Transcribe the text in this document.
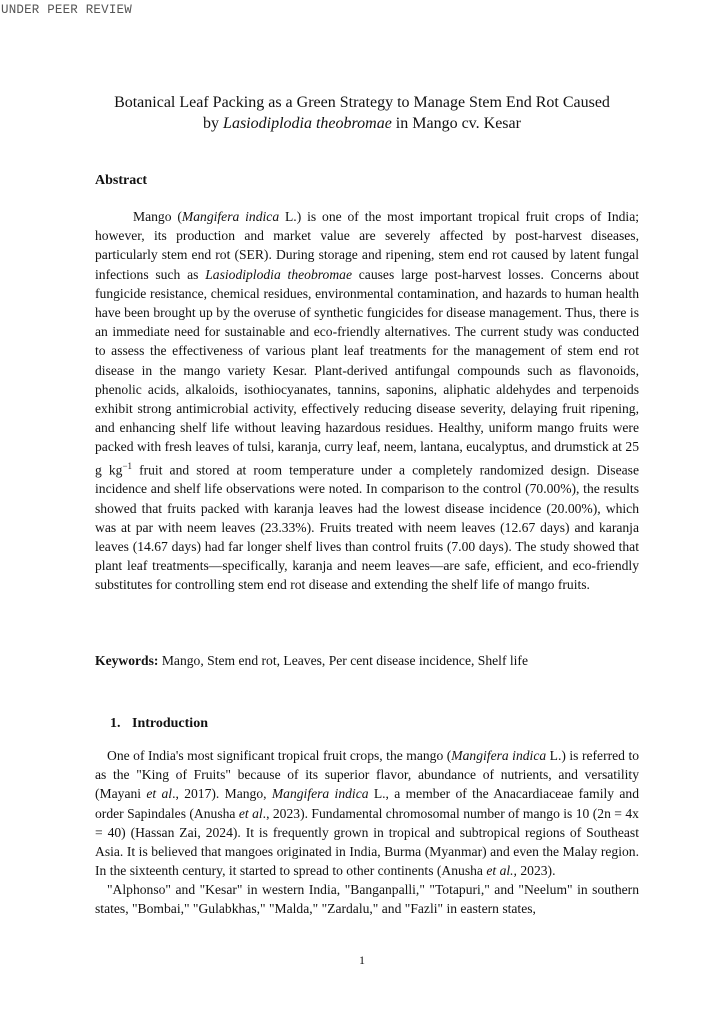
UNDER PEER REVIEW
Botanical Leaf Packing as a Green Strategy to Manage Stem End Rot Caused
by Lasiodiplodia theobromae in Mango cv. Kesar
Abstract
Mango (Mangifera indica L.) is one of the most important tropical fruit crops of India; however, its production and market value are severely affected by post-harvest diseases, particularly stem end rot (SER). During storage and ripening, stem end rot caused by latent fungal infections such as Lasiodiplodia theobromae causes large post-harvest losses. Concerns about fungicide resistance, chemical residues, environmental contamination, and hazards to human health have been brought up by the overuse of synthetic fungicides for disease management. Thus, there is an immediate need for sustainable and eco-friendly alternatives. The current study was conducted to assess the effectiveness of various plant leaf treatments for the management of stem end rot disease in the mango variety Kesar. Plant-derived antifungal compounds such as flavonoids, phenolic acids, alkaloids, isothiocyanates, tannins, saponins, aliphatic aldehydes and terpenoids exhibit strong antimicrobial activity, effectively reducing disease severity, delaying fruit ripening, and enhancing shelf life without leaving hazardous residues. Healthy, uniform mango fruits were packed with fresh leaves of tulsi, karanja, curry leaf, neem, lantana, eucalyptus, and drumstick at 25 g $kg^{-1}$ fruit and stored at room temperature under a completely randomized design. Disease incidence and shelf life observations were noted. In comparison to the control (70.00%), the results showed that fruits packed with karanja leaves had the lowest disease incidence (20.00%), which was at par with neem leaves (23.33%). Fruits treated with neem leaves (12.67 days) and karanja leaves (14.67 days) had far longer shelf lives than control fruits (7.00 days). The study showed that plant leaf treatments—specifically, karanja and neem leaves—are safe, efficient, and eco-friendly substitutes for controlling stem end rot disease and extending the shelf life of mango fruits.
Keywords: Mango, Stem end rot, Leaves, Per cent disease incidence, Shelf life
1. Introduction
One of India's most significant tropical fruit crops, the mango (Mangifera indica L.) is referred to as the "King of Fruits" because of its superior flavor, abundance of nutrients, and versatility (Mayani et al., 2017). Mango, Mangifera indica L., a member of the Anacardiaceae family and order Sapindales (Anusha et al., 2023). Fundamental chromosomal number of mango is 10 (2n = 4x = 40) (Hassan Zai, 2024). It is frequently grown in tropical and subtropical regions of Southeast Asia. It is believed that mangoes originated in India, Burma (Myanmar) and even the Malay region. In the sixteenth century, it started to spread to other continents (Anusha et al., 2023).
"Alphonso" and "Kesar" in western India, "Banganpalli," "Totapuri," and "Neelum" in southern states, "Bombai," "Gulabkhas," "Malda," "Zardalu," and "Fazli" in eastern states,
1
